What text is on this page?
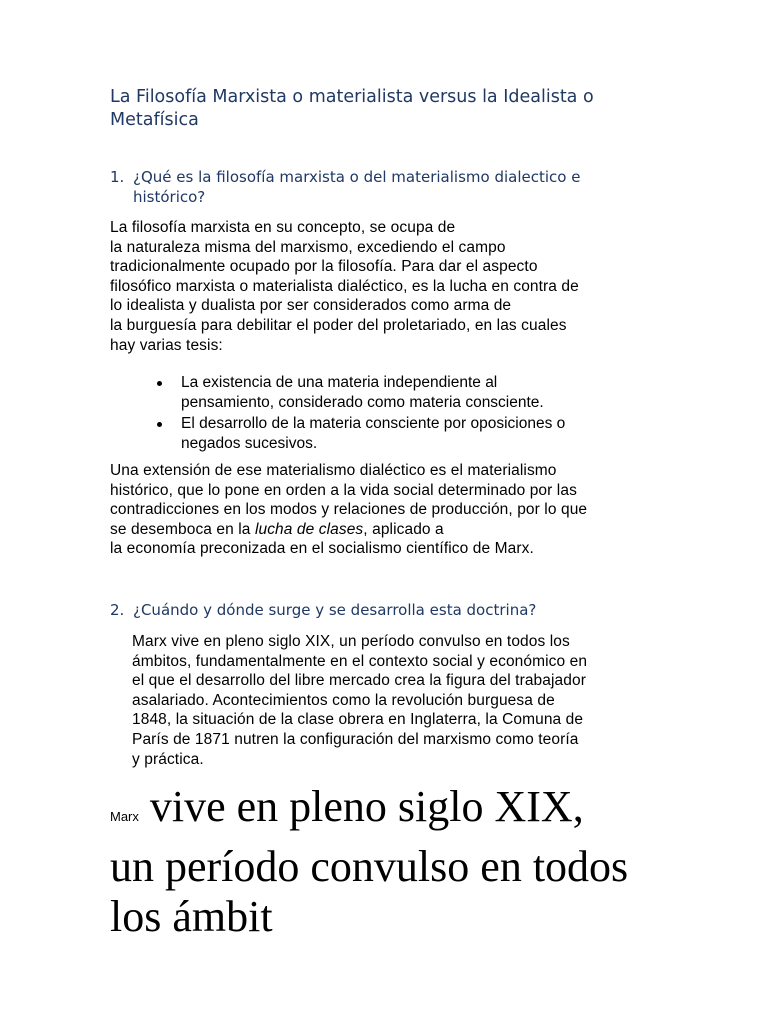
La Filosofía Marxista o materialista versus la Idealista o
Metafísica
1. ¿Qué es la filosofía marxista o del materialismo dialectico e
histórico?

La filosofía marxista en su concepto, se ocupa de
la naturaleza misma del marxismo, excediendo el campo
tradicionalmente ocupado por la filosofía. Para dar el aspecto
filosófico marxista o materialista dialéctico, es la lucha en contra de
lo idealista y dualista por ser considerados como arma de
la burguesía para debilitar el poder del proletariado, en las cuales
hay varias tesis:

La existencia de una materia independiente al
pensamiento, considerado como materia consciente.
El desarrollo de la materia consciente por oposiciones o
negados sucesivos.

Una extensión de ese materialismo dialéctico es el materialismo
histórico, que lo pone en orden a la vida social determinado por las
contradicciones en los modos y relaciones de producción, por lo que
se desemboca en la lucha de clases, aplicado a
la economía preconizada en el socialismo científico de Marx.

2. ¿Cuándo y dónde surge y se desarrolla esta doctrina?

Marx vive en pleno siglo XIX, un período convulso en todos los
ámbitos, fundamentalmente en el contexto social y económico en
el que el desarrollo del libre mercado crea la figura del trabajador
asalariado. Acontecimientos como la revolución burguesa de
1848, la situación de la clase obrera en Inglaterra, la Comuna de
París de 1871 nutren la configuración del marxismo como teoría
y práctica.

Marx vive en pleno siglo XIX,
un período convulso en todos
los ámbit
